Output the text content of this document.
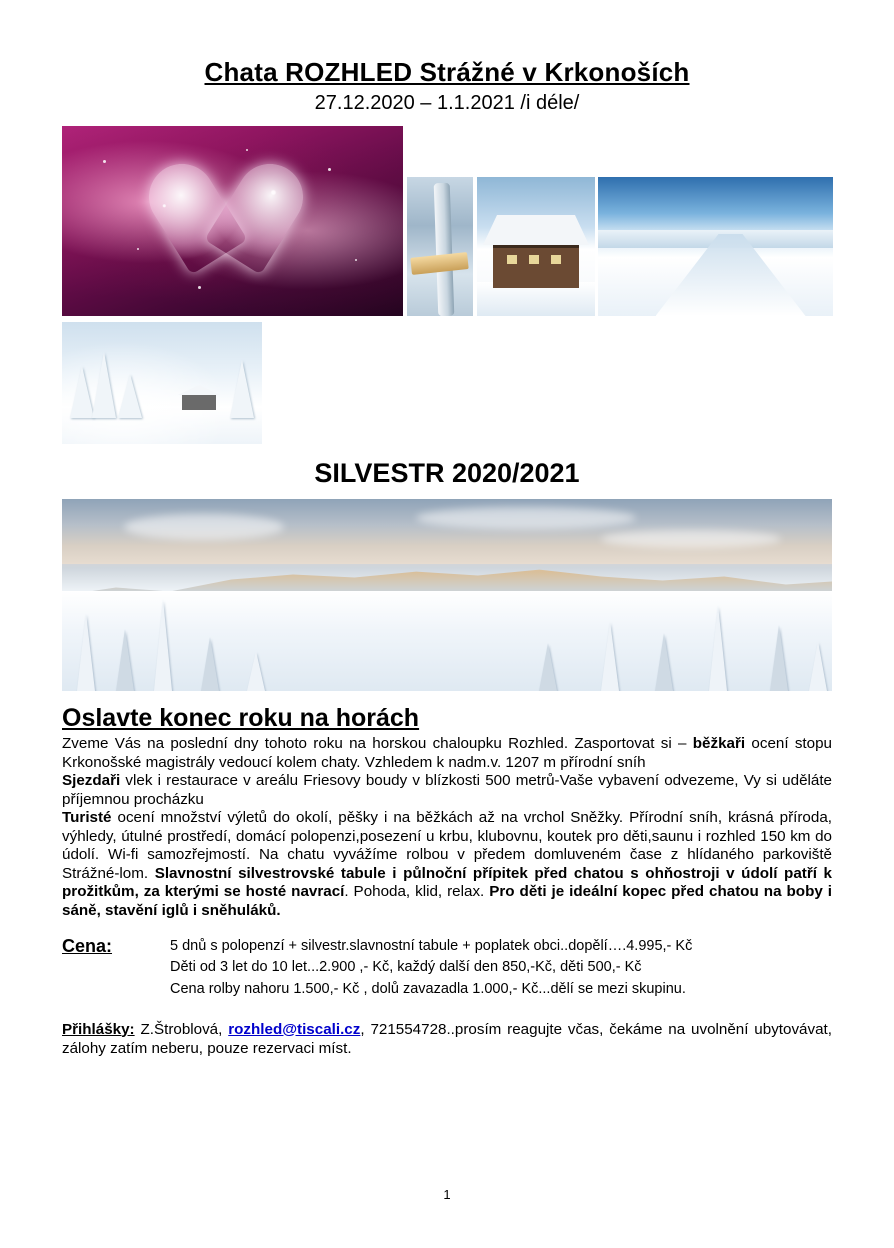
Chata ROZHLED Strážné v Krkonoších
27.12.2020 – 1.1.2021 /i déle/
SILVESTR 2020/2021
Oslavte konec roku na horách

Zveme Vás na poslední dny tohoto roku na horskou chaloupku Rozhled. Zasportovat si – běžkaři ocení stopu Krkonošské magistrály vedoucí kolem chaty. Vzhledem k nadm.v. 1207 m přírodní sníh

Sjezdaři vlek i restaurace v areálu Friesovy boudy v blízkosti 500 metrů-Vaše vybavení odvezeme, Vy si uděláte příjemnou procházku

Turisté ocení množství výletů do okolí, pěšky i na běžkách až na vrchol Sněžky. Přírodní sníh, krásná příroda, výhledy, útulné prostředí, domácí polopenzi,posezení u krbu, klubovnu, koutek pro děti,saunu i rozhled 150 km do údolí. Wi-fi samozřejmostí. Na chatu vyvážíme rolbou v předem domluveném čase z hlídaného parkoviště Strážné-lom. Slavnostní silvestrovské tabule i půlnoční přípitek před chatou s ohňostroji v údolí patří k prožitkům, za kterými se hosté navrací. Pohoda, klid, relax. Pro děti je ideální kopec před chatou na boby i sáně, stavění iglů i sněhuláků.

Cena:	5 dnů s polopenzí + silvestr.slavnostní tabule + poplatek obci..dopělí….4.995,- Kč
Děti od 3 let do 10 let...2.900 ,- Kč, každý další den 850,-Kč, děti 500,- Kč
Cena rolby nahoru 1.500,- Kč , dolů zavazadla 1.000,- Kč...dělí se mezi skupinu.

Přihlášky: Z.Štroblová, rozhled@tiscali.cz, 721554728..prosím reagujte včas, čekáme na uvolnění ubytovávat, zálohy zatím neberu, pouze rezervaci míst.

1
